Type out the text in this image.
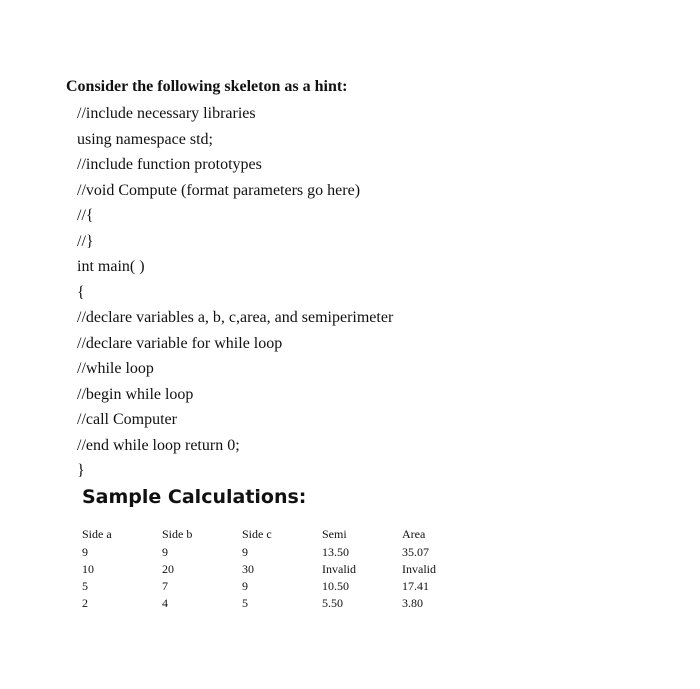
Consider the following skeleton as a hint:
//include necessary libraries
using namespace std;
//include function prototypes
//void Compute (format parameters go here)
//{
//}
int main( )
{
//declare variables a, b, c,area, and semiperimeter
//declare variable for while loop
//while loop
//begin while loop
//call Computer
//end while loop return 0;
}
Sample Calculations:
Side a	Side b	Side c	Semi	Area
9	9	9	13.50	35.07
10	20	30	Invalid	Invalid
5	7	9	10.50	17.41
2	4	5	5.50	3.80
